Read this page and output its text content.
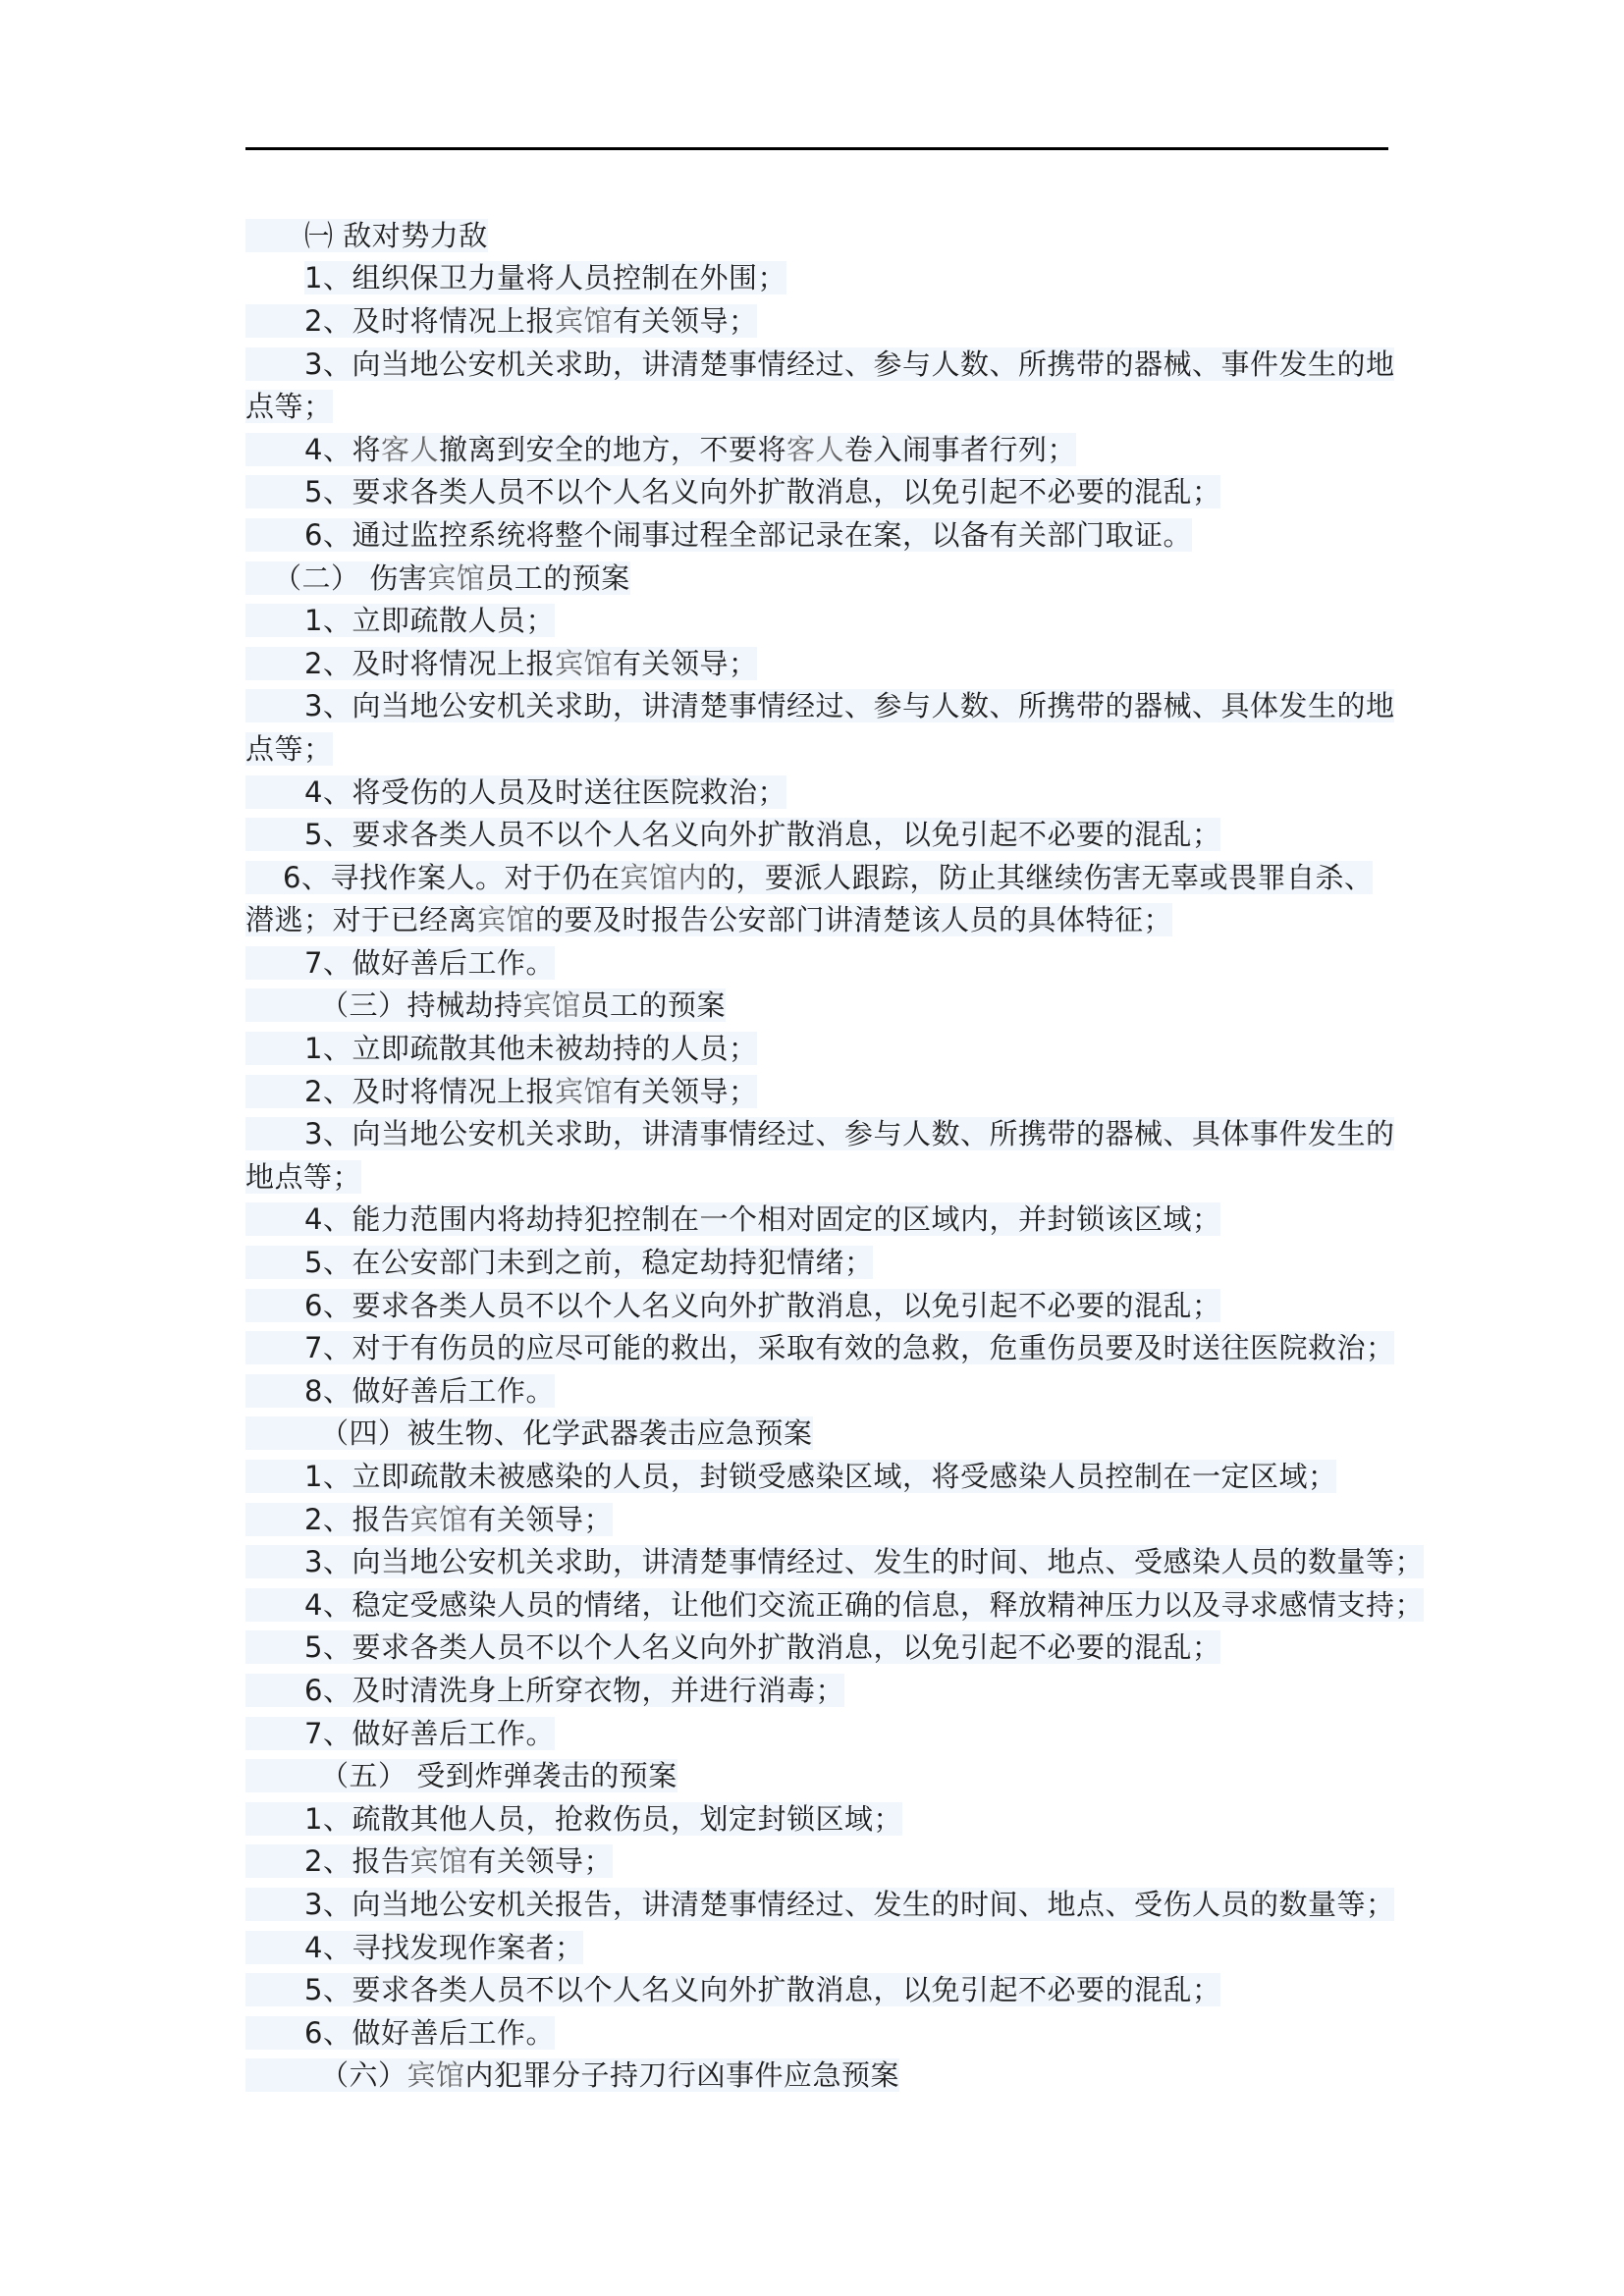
㈠ 敌对势力敌
1、组织保卫力量将人员控制在外围；
2、及时将情况上报宾馆有关领导；
3、向当地公安机关求助，讲清楚事情经过、参与人数、所携带的器械、事件发生的地
点等；
4、将客人撤离到安全的地方，不要将客人卷入闹事者行列；
5、要求各类人员不以个人名义向外扩散消息，以免引起不必要的混乱；
6、通过监控系统将整个闹事过程全部记录在案，以备有关部门取证。
（二） 伤害宾馆员工的预案
1、立即疏散人员；
2、及时将情况上报宾馆有关领导；
3、向当地公安机关求助，讲清楚事情经过、参与人数、所携带的器械、具体发生的地
点等；
4、将受伤的人员及时送往医院救治；
5、要求各类人员不以个人名义向外扩散消息，以免引起不必要的混乱；
6、寻找作案人。对于仍在宾馆内的，要派人跟踪，防止其继续伤害无辜或畏罪自杀、
潜逃；对于已经离宾馆的要及时报告公安部门讲清楚该人员的具体特征；
7、做好善后工作。
（三）持械劫持宾馆员工的预案
1、立即疏散其他未被劫持的人员；
2、及时将情况上报宾馆有关领导；
3、向当地公安机关求助，讲清事情经过、参与人数、所携带的器械、具体事件发生的
地点等；
4、能力范围内将劫持犯控制在一个相对固定的区域内，并封锁该区域；
5、在公安部门未到之前，稳定劫持犯情绪；
6、要求各类人员不以个人名义向外扩散消息，以免引起不必要的混乱；
7、对于有伤员的应尽可能的救出，采取有效的急救，危重伤员要及时送往医院救治；
8、做好善后工作。
（四）被生物、化学武器袭击应急预案
1、立即疏散未被感染的人员，封锁受感染区域，将受感染人员控制在一定区域；
2、报告宾馆有关领导；
3、向当地公安机关求助，讲清楚事情经过、发生的时间、地点、受感染人员的数量等；
4、稳定受感染人员的情绪，让他们交流正确的信息，释放精神压力以及寻求感情支持；
5、要求各类人员不以个人名义向外扩散消息，以免引起不必要的混乱；
6、及时清洗身上所穿衣物，并进行消毒；
7、做好善后工作。
（五） 受到炸弹袭击的预案
1、疏散其他人员，抢救伤员，划定封锁区域；
2、报告宾馆有关领导；
3、向当地公安机关报告，讲清楚事情经过、发生的时间、地点、受伤人员的数量等；
4、寻找发现作案者；
5、要求各类人员不以个人名义向外扩散消息，以免引起不必要的混乱；
6、做好善后工作。
（六）宾馆内犯罪分子持刀行凶事件应急预案
